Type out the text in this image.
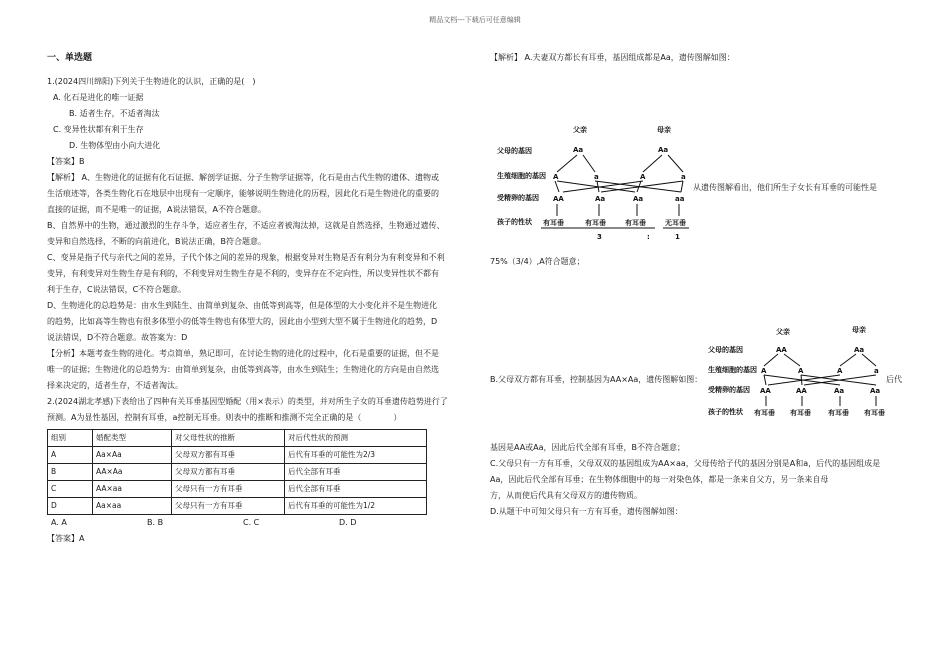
精品文档---下载后可任意编辑
一、单选题

1.(2024四川绵阳)下列关于生物进化的认识，正确的是(　)

A. 化石是进化的唯一证据

B. 适者生存，不适者淘汰

C. 变异性状都有利于生存

D. 生物体型由小向大进化

【答案】B

【解析】 A、生物进化的证据有化石证据、解剖学证据、分子生物学证据等，化石是由古代生物的遗体、遗物或

生活痕迹等，各类生物化石在地层中出现有一定顺序，能够说明生物进化的历程，因此化石是生物进化的重要的

直接的证据，而不是唯一的证据，A说法错误，A不符合题意。

B、自然界中的生物，通过激烈的生存斗争，适应者生存，不适应者被淘汰掉，这就是自然选择，生物通过遗传、

变异和自然选择，不断的向前进化，B说法正确，B符合题意。

C、变异是指子代与亲代之间的差异，子代个体之间的差异的现象，根据变异对生物是否有利分为有利变异和不利

变异，有利变异对生物生存是有利的，不利变异对生物生存是不利的，变异存在不定向性，所以变异性状不都有

利于生存，C说法错误，C不符合题意。

D、生物进化的总趋势是：由水生到陆生、由简单到复杂、由低等到高等，但是体型的大小变化并不是生物进化

的趋势，比如高等生物也有很多体型小的低等生物也有体型大的，因此由小型到大型不属于生物进化的趋势，D

说法错误，D不符合题意。故答案为：D

【分析】本题考查生物的进化。考点简单，熟记即可，在讨论生物的进化的过程中，化石是重要的证据，但不是

唯一的证据；生物进化的总趋势为：由简单到复杂，由低等到高等，由水生到陆生；生物进化的方向是由自然选

择来决定的，适者生存，不适者淘汰。

2.(2024湖北孝感)下表给出了四种有关耳垂基因型婚配（用×表示）的类型，并对所生子女的耳垂遗传趋势进行了

预测。A为显性基因，控制有耳垂，a控制无耳垂。则表中的推断和推测不完全正确的是（　　　　）

组别	婚配类型	对父母性状的推断	对后代性状的预测
A	Aa×Aa	父母双方都有耳垂	后代有耳垂的可能性为2/3
B	AA×Aa	父母双方都有耳垂	后代全部有耳垂
C	AA×aa	父母只有一方有耳垂	后代全部有耳垂
D	Aa×aa	父母只有一方有耳垂	后代有耳垂的可能性为1/2

A. A	B. B	C. C	D. D

【答案】A

【解析】 A.夫妻双方都长有耳垂，基因组成都是Aa，遗传图解如图：

从遗传图解看出，他们所生子女长有耳垂的可能性是

75%（3/4）,A符合题意；

B.父母双方都有耳垂，控制基因为AA×Aa，遗传图解如图：	后代

基因是AA或Aa，因此后代全部有耳垂，B不符合题意；

C.父母只有一方有耳垂，父母双双的基因组成为AA×aa，父母传给子代的基因分别是A和a，后代的基因组成是

Aa，因此后代全部有耳垂；在生物体细胞中的每一对染色体，都是一条来自父方，另一条来自母

方，从而使后代具有父母双方的遗传物质。

D.从题干中可知父母只有一方有耳垂，遗传图解如图：

父亲	母亲
父母的基因
生殖细胞的基因
受精卵的基因
孩子的性状
Aa	Aa
A	a	A	a
AA	Aa	Aa	aa
有耳垂	有耳垂	有耳垂	无耳垂
3	:	1
父亲	母亲
父母的基因
生殖细胞的基因
受精卵的基因
孩子的性状
AA	Aa
A	A	A	a
AA	AA	Aa	Aa
有耳垂 有耳垂 有耳垂 有耳垂
